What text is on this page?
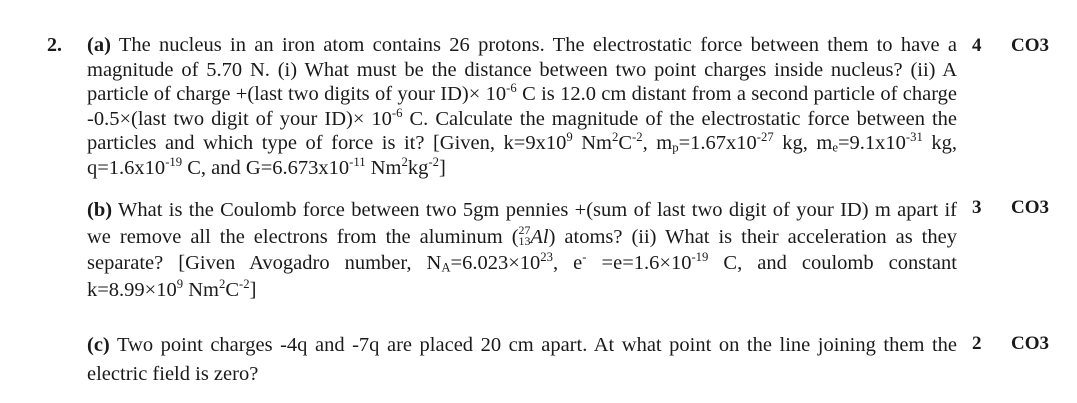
2. (a) The nucleus in an iron atom contains 26 protons. The electrostatic force between them to have a magnitude of 5.70 N. (i) What must be the distance between two point charges inside nucleus? (ii) A particle of charge +(last two digits of your $ID)\times 10^{-6}$ C is 12.0 cm distant from a second particle of charge -0.5×(last two digit of your $ID)\times 10^{-6}$ C. Calculate the magnitude of the electrostatic force between the particles and which type of force is it? [Given, $k=9x10^9$ $Nm^2C^{-2}$, $m_p=1.67x10^{-27}$ kg, $m_e=9.1x10^{-31}$ kg, $q=1.6x10^{-19}$ C, and $G=6.673x10^{-11}$ $Nm^2kg^{-2}$]
4 CO3
(b) What is the Coulomb force between two 5gm pennies +(sum of last two digit of your ID) m apart if we remove all the electrons from the aluminum ( 27
13 Al) atoms? (ii) What is their acceleration as they separate? [Given Avogadro number, $N_A=6.023\times 10^{23}$, $e^- =e=1.6\times 10^{-19}$ C, and coulomb constant $k=8.99\times 10^9$ $Nm^2C^{-2}$]
3 CO3
(c) Two point charges -4q and -7q are placed 20 cm apart. At what point on the line joining them the electric field is zero?
2 CO3
